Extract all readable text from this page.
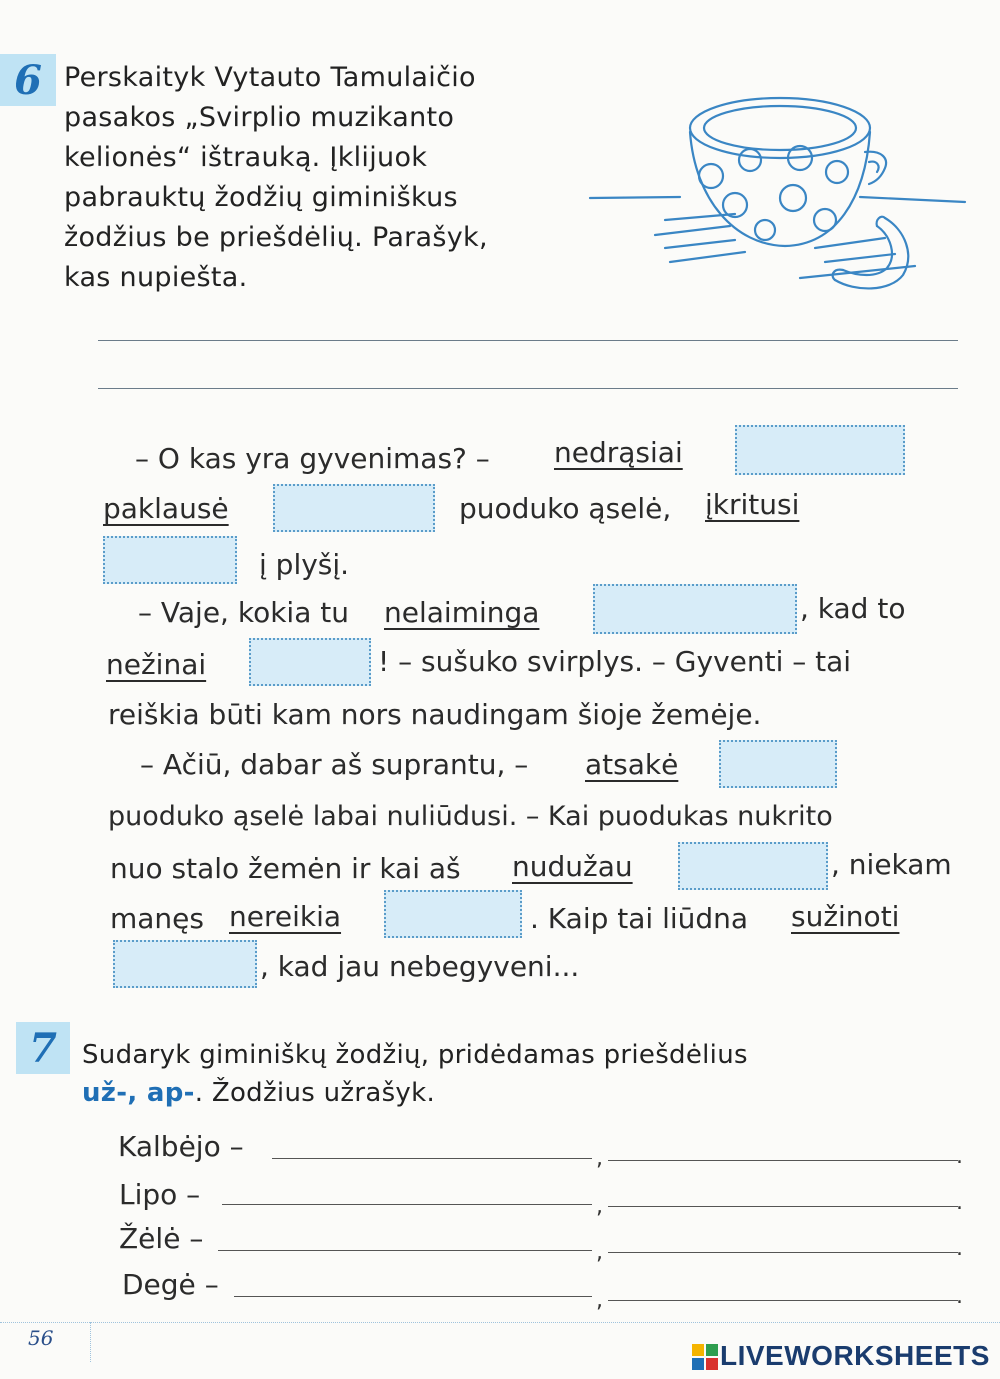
6 Perskaityk Vytauto Tamulaičio
pasakos „Svirplio muzikanto
kelionės“ ištrauką. Įklijuok
pabrauktų žodžių giminiškus
žodžius be priešdėlių. Parašyk,
kas nupiešta.
– O kas yra gyvenimas? – nedrąsiai
paklausė	puoduko ąselė, įkritusi
į plyšį.
– Vaje, kokia tu nelaiminga	, kad to
nežinai	! – sušuko svirplys. – Gyventi – tai
reiškia būti kam nors naudingam šioje žemėje.
– Ačiū, dabar aš suprantu, – atsakė
puoduko ąselė labai nuliūdusi. – Kai puodukas nukrito
nuo stalo žemėn ir kai aš nudužau	, niekam
manęs nereikia	. Kaip tai liūdna sužinoti
, kad jau nebegyveni...
7 Sudaryk giminiškų žodžių, pridėdamas priešdėlius
už-, ap-. Žodžius užrašyk.
Kalbėjo –	,	.
Lipo –	,	.
Žėlė –	,	.
Degė –	,	.
56
LIVEWORKSHEETS
